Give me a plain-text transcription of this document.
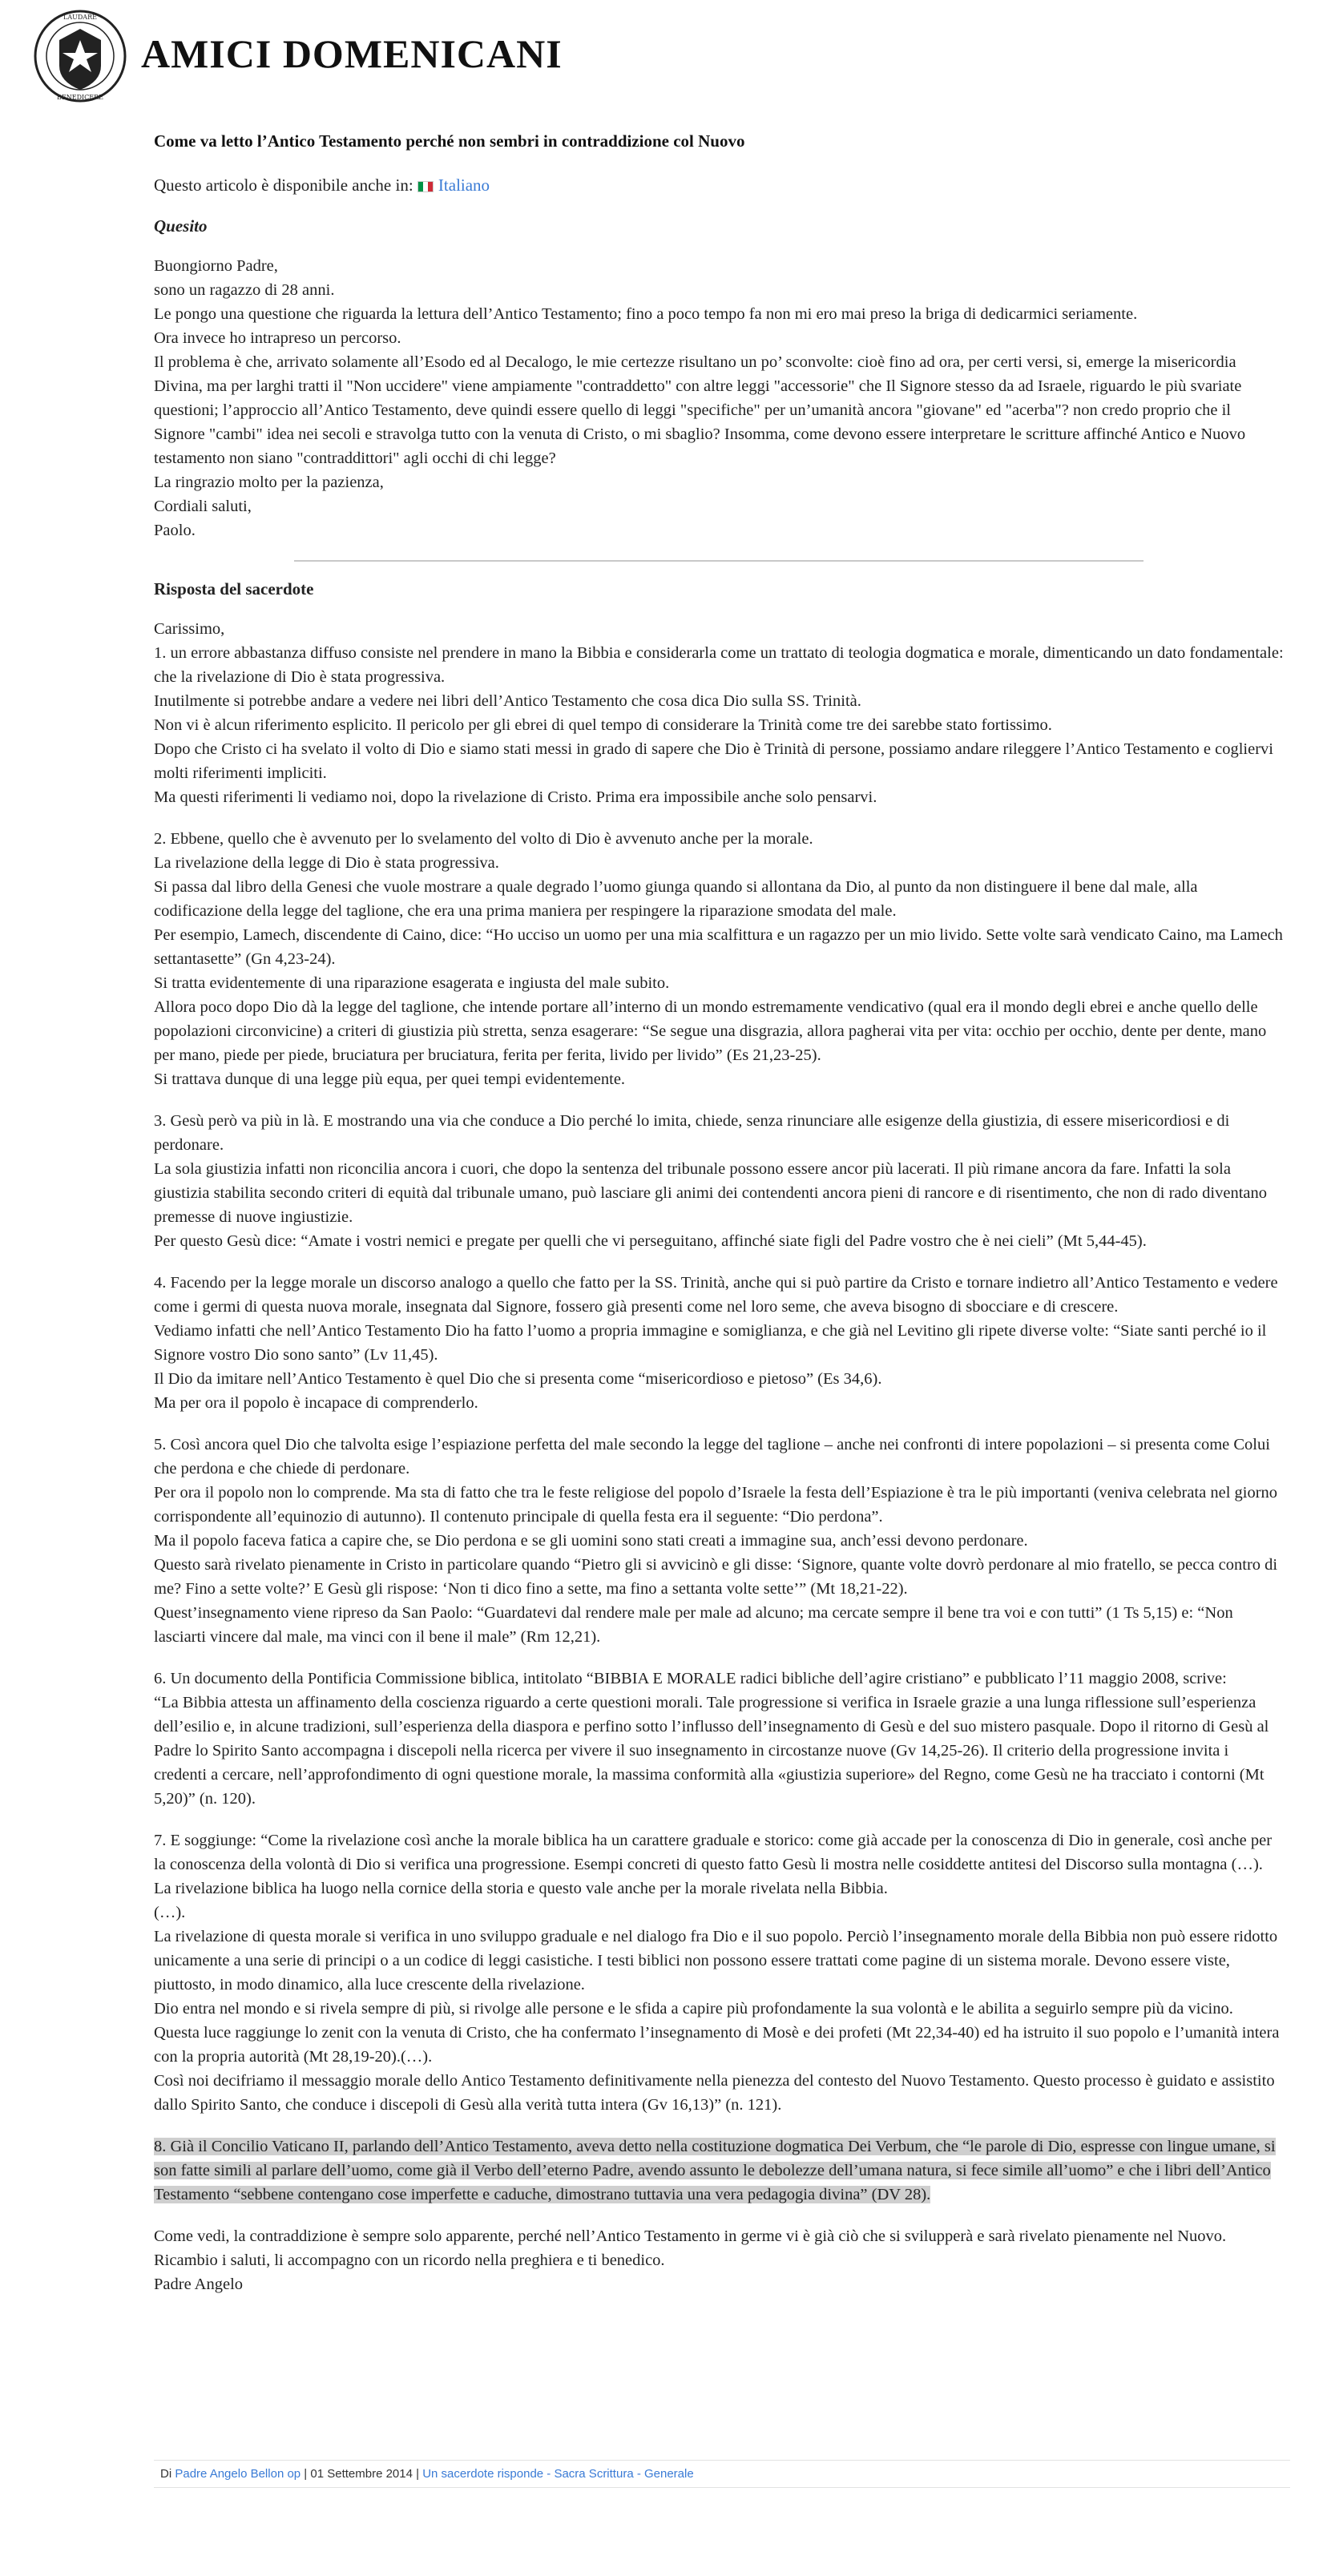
LAUDARE
BENEDICERE
AMICI DOMENICANI
Come va letto l’Antico Testamento perché non sembri in contraddizione col Nuovo
Questo articolo è disponibile anche in: Italiano
Quesito
Buongiorno Padre,
sono un ragazzo di 28 anni.
Le pongo una questione che riguarda la lettura dell’Antico Testamento; fino a poco tempo fa non mi ero mai preso la briga di dedicarmici seriamente.
Ora invece ho intrapreso un percorso.
Il problema è che, arrivato solamente all’Esodo ed al Decalogo, le mie certezze risultano un po’ sconvolte: cioè fino ad ora, per certi versi, si, emerge la misericordia Divina, ma per larghi tratti il "Non uccidere" viene ampiamente "contraddetto" con altre leggi "accessorie" che Il Signore stesso da ad Israele, riguardo le più svariate questioni; l’approccio all’Antico Testamento, deve quindi essere quello di leggi "specifiche" per un’umanità ancora "giovane" ed "acerba"? non credo proprio che il Signore "cambi" idea nei secoli e stravolga tutto con la venuta di Cristo, o mi sbaglio? Insomma, come devono essere interpretare le scritture affinché Antico e Nuovo testamento non siano "contraddittori" agli occhi di chi legge?
La ringrazio molto per la pazienza,
Cordiali saluti,
Paolo.
Risposta del sacerdote
Carissimo,
1. un errore abbastanza diffuso consiste nel prendere in mano la Bibbia e considerarla come un trattato di teologia dogmatica e morale, dimenticando un dato fondamentale: che la rivelazione di Dio è stata progressiva.
Inutilmente si potrebbe andare a vedere nei libri dell’Antico Testamento che cosa dica Dio sulla SS. Trinità.
Non vi è alcun riferimento esplicito. Il pericolo per gli ebrei di quel tempo di considerare la Trinità come tre dei sarebbe stato fortissimo.
Dopo che Cristo ci ha svelato il volto di Dio e siamo stati messi in grado di sapere che Dio è Trinità di persone, possiamo andare rileggere l’Antico Testamento e cogliervi molti riferimenti impliciti.
Ma questi riferimenti li vediamo noi, dopo la rivelazione di Cristo. Prima era impossibile anche solo pensarvi.
2. Ebbene, quello che è avvenuto per lo svelamento del volto di Dio è avvenuto anche per la morale.
La rivelazione della legge di Dio è stata progressiva.
Si passa dal libro della Genesi che vuole mostrare a quale degrado l’uomo giunga quando si allontana da Dio, al punto da non distinguere il bene dal male, alla codificazione della legge del taglione, che era una prima maniera per respingere la riparazione smodata del male.
Per esempio, Lamech, discendente di Caino, dice: “Ho ucciso un uomo per una mia scalfittura e un ragazzo per un mio livido. Sette volte sarà vendicato Caino, ma Lamech settantasette” (Gn 4,23-24).
Si tratta evidentemente di una riparazione esagerata e ingiusta del male subito.
Allora poco dopo Dio dà la legge del taglione, che intende portare all’interno di un mondo estremamente vendicativo (qual era il mondo degli ebrei e anche quello delle popolazioni circonvicine) a criteri di giustizia più stretta, senza esagerare: “Se segue una disgrazia, allora pagherai vita per vita: occhio per occhio, dente per dente, mano per mano, piede per piede, bruciatura per bruciatura, ferita per ferita, livido per livido” (Es 21,23-25).
Si trattava dunque di una legge più equa, per quei tempi evidentemente.
3. Gesù però va più in là. E mostrando una via che conduce a Dio perché lo imita, chiede, senza rinunciare alle esigenze della giustizia, di essere misericordiosi e di perdonare.
La sola giustizia infatti non riconcilia ancora i cuori, che dopo la sentenza del tribunale possono essere ancor più lacerati. Il più rimane ancora da fare. Infatti la sola giustizia stabilita secondo criteri di equità dal tribunale umano, può lasciare gli animi dei contendenti ancora pieni di rancore e di risentimento, che non di rado diventano premesse di nuove ingiustizie.
Per questo Gesù dice: “Amate i vostri nemici e pregate per quelli che vi perseguitano, affinché siate figli del Padre vostro che è nei cieli” (Mt 5,44-45).
4. Facendo per la legge morale un discorso analogo a quello che fatto per la SS. Trinità, anche qui si può partire da Cristo e tornare indietro all’Antico Testamento e vedere come i germi di questa nuova morale, insegnata dal Signore, fossero già presenti come nel loro seme, che aveva bisogno di sbocciare e di crescere.
Vediamo infatti che nell’Antico Testamento Dio ha fatto l’uomo a propria immagine e somiglianza, e che già nel Levitino gli ripete diverse volte: “Siate santi perché io il Signore vostro Dio sono santo” (Lv 11,45).
Il Dio da imitare nell’Antico Testamento è quel Dio che si presenta come “misericordioso e pietoso” (Es 34,6).
Ma per ora il popolo è incapace di comprenderlo.
5. Così ancora quel Dio che talvolta esige l’espiazione perfetta del male secondo la legge del taglione – anche nei confronti di intere popolazioni – si presenta come Colui che perdona e che chiede di perdonare.
Per ora il popolo non lo comprende. Ma sta di fatto che tra le feste religiose del popolo d’Israele la festa dell’Espiazione è tra le più importanti (veniva celebrata nel giorno corrispondente all’equinozio di autunno). Il contenuto principale di quella festa era il seguente: “Dio perdona”.
Ma il popolo faceva fatica a capire che, se Dio perdona e se gli uomini sono stati creati a immagine sua, anch’essi devono perdonare.
Questo sarà rivelato pienamente in Cristo in particolare quando “Pietro gli si avvicinò e gli disse: ‘Signore, quante volte dovrò perdonare al mio fratello, se pecca contro di me? Fino a sette volte?’ E Gesù gli rispose: ‘Non ti dico fino a sette, ma fino a settanta volte sette’” (Mt 18,21-22).
Quest’insegnamento viene ripreso da San Paolo: “Guardatevi dal rendere male per male ad alcuno; ma cercate sempre il bene tra voi e con tutti” (1 Ts 5,15) e: “Non lasciarti vincere dal male, ma vinci con il bene il male” (Rm 12,21).
6. Un documento della Pontificia Commissione biblica, intitolato “BIBBIA E MORALE radici bibliche dell’agire cristiano” e pubblicato l’11 maggio 2008, scrive:
“La Bibbia attesta un affinamento della coscienza riguardo a certe questioni morali. Tale progressione si verifica in Israele grazie a una lunga riflessione sull’esperienza dell’esilio e, in alcune tradizioni, sull’esperienza della diaspora e perfino sotto l’influsso dell’insegnamento di Gesù e del suo mistero pasquale. Dopo il ritorno di Gesù al Padre lo Spirito Santo accompagna i discepoli nella ricerca per vivere il suo insegnamento in circostanze nuove (Gv 14,25-26). Il criterio della progressione invita i credenti a cercare, nell’approfondimento di ogni questione morale, la massima conformità alla «giustizia superiore» del Regno, come Gesù ne ha tracciato i contorni (Mt 5,20)” (n. 120).
7. E soggiunge: “Come la rivelazione così anche la morale biblica ha un carattere graduale e storico: come già accade per la conoscenza di Dio in generale, così anche per la conoscenza della volontà di Dio si verifica una progressione. Esempi concreti di questo fatto Gesù li mostra nelle cosiddette antitesi del Discorso sulla montagna (…).
La rivelazione biblica ha luogo nella cornice della storia e questo vale anche per la morale rivelata nella Bibbia.
(…).
La rivelazione di questa morale si verifica in uno sviluppo graduale e nel dialogo fra Dio e il suo popolo. Perciò l’insegnamento morale della Bibbia non può essere ridotto unicamente a una serie di principi o a un codice di leggi casistiche. I testi biblici non possono essere trattati come pagine di un sistema morale. Devono essere viste, piuttosto, in modo dinamico, alla luce crescente della rivelazione.
Dio entra nel mondo e si rivela sempre di più, si rivolge alle persone e le sfida a capire più profondamente la sua volontà e le abilita a seguirlo sempre più da vicino.
Questa luce raggiunge lo zenit con la venuta di Cristo, che ha confermato l’insegnamento di Mosè e dei profeti (Mt 22,34-40) ed ha istruito il suo popolo e l’umanità intera con la propria autorità (Mt 28,19-20).(…).
Così noi decifriamo il messaggio morale dello Antico Testamento definitivamente nella pienezza del contesto del Nuovo Testamento. Questo processo è guidato e assistito dallo Spirito Santo, che conduce i discepoli di Gesù alla verità tutta intera (Gv 16,13)” (n. 121).
8. Già il Concilio Vaticano II, parlando dell’Antico Testamento, aveva detto nella costituzione dogmatica Dei Verbum, che “le parole di Dio, espresse con lingue umane, si son fatte simili al parlare dell’uomo, come già il Verbo dell’eterno Padre, avendo assunto le debolezze dell’umana natura, si fece simile all’uomo” e che i libri dell’Antico Testamento “sebbene contengano cose imperfette e caduche, dimostrano tuttavia una vera pedagogia divina” (DV 28).
Come vedi, la contraddizione è sempre solo apparente, perché nell’Antico Testamento in germe vi è già ciò che si svilupperà e sarà rivelato pienamente nel Nuovo.
Ricambio i saluti, li accompagno con un ricordo nella preghiera e ti benedico.
Padre Angelo
Di Padre Angelo Bellon op | 01 Settembre 2014 | Un sacerdote risponde - Sacra Scrittura - Generale
